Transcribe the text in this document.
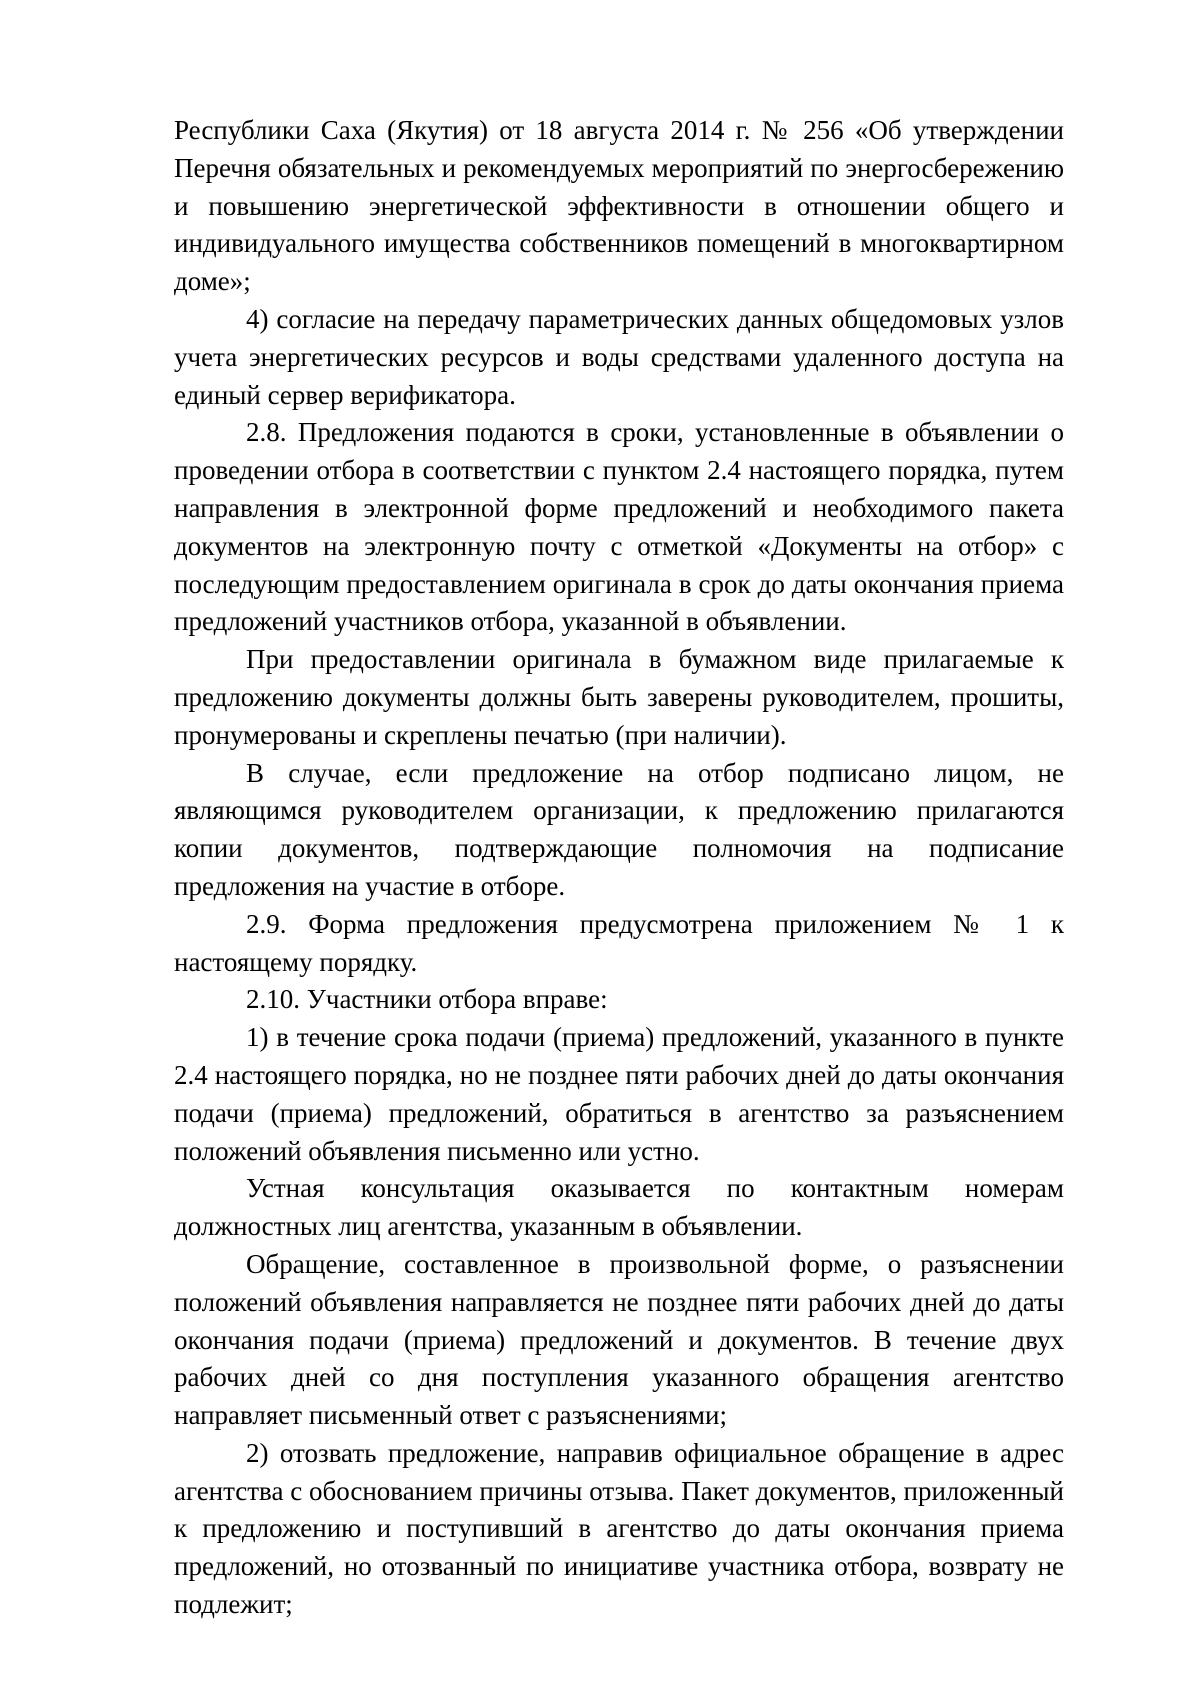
Республики Саха (Якутия) от 18 августа 2014 г. № 256 «Об утверждении Перечня обязательных и рекомендуемых мероприятий по энергосбережению и повышению энергетической эффективности в отношении общего и индивидуального имущества собственников помещений в многоквартирном доме»;

4) согласие на передачу параметрических данных общедомовых узлов учета энергетических ресурсов и воды средствами удаленного доступа на единый сервер верификатора.

2.8. Предложения подаются в сроки, установленные в объявлении о проведении отбора в соответствии с пунктом 2.4 настоящего порядка, путем направления в электронной форме предложений и необходимого пакета документов на электронную почту с отметкой «Документы на отбор» с последующим предоставлением оригинала в срок до даты окончания приема предложений участников отбора, указанной в объявлении.

При предоставлении оригинала в бумажном виде прилагаемые к предложению документы должны быть заверены руководителем, прошиты, пронумерованы и скреплены печатью (при наличии).

В случае, если предложение на отбор подписано лицом, не являющимся руководителем организации, к предложению прилагаются копии документов, подтверждающие полномочия на подписание предложения на участие в отборе.

2.9. Форма предложения предусмотрена приложением № 1 к настоящему порядку.

2.10. Участники отбора вправе:

1) в течение срока подачи (приема) предложений, указанного в пункте 2.4 настоящего порядка, но не позднее пяти рабочих дней до даты окончания подачи (приема) предложений, обратиться в агентство за разъяснением положений объявления письменно или устно.

Устная консультация оказывается по контактным номерам должностных лиц агентства, указанным в объявлении.

Обращение, составленное в произвольной форме, о разъяснении положений объявления направляется не позднее пяти рабочих дней до даты окончания подачи (приема) предложений и документов. В течение двух рабочих дней со дня поступления указанного обращения агентство направляет письменный ответ с разъяснениями;

2) отозвать предложение, направив официальное обращение в адрес агентства с обоснованием причины отзыва. Пакет документов, приложенный к предложению и поступивший в агентство до даты окончания приема предложений, но отозванный по инициативе участника отбора, возврату не подлежит;
